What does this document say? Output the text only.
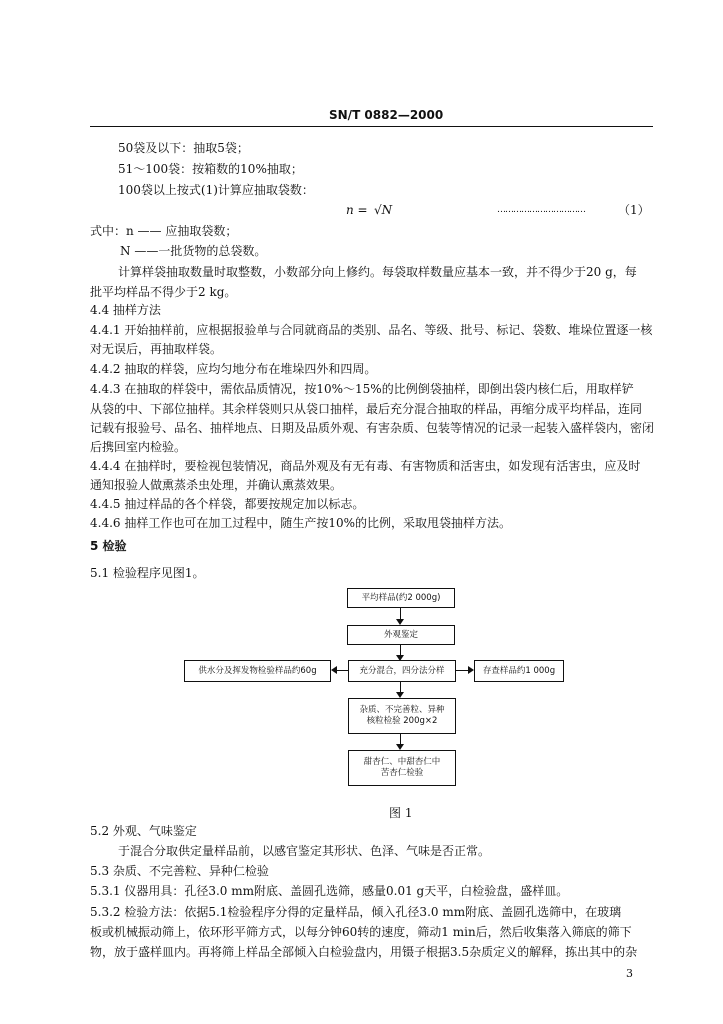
SN/T 0882—2000
50袋及以下：抽取5袋；
51～100袋：按箱数的10%抽取；
100袋以上按式(1)计算应抽取袋数：
n = √N	……………………………	（1）
式中： n —— 应抽取袋数；
N ——一批货物的总袋数。
计算样袋抽取数量时取整数，小数部分向上修约。每袋取样数量应基本一致，并不得少于20 g，每
批平均样品不得少于2 kg。
4.4 抽样方法
4.4.1 开始抽样前，应根据报验单与合同就商品的类别、品名、等级、批号、标记、袋数、堆垛位置逐一核
对无误后，再抽取样袋。
4.4.2 抽取的样袋，应均匀地分布在堆垛四外和四周。
4.4.3 在抽取的样袋中，需依品质情况，按10%～15%的比例倒袋抽样，即倒出袋内核仁后，用取样铲
从袋的中、下部位抽样。其余样袋则只从袋口抽样，最后充分混合抽取的样品，再缩分成平均样品，连同
记载有报验号、品名、抽样地点、日期及品质外观、有害杂质、包装等情况的记录一起装入盛样袋内，密闭
后携回室内检验。
4.4.4 在抽样时，要检视包装情况，商品外观及有无有毒、有害物质和活害虫，如发现有活害虫，应及时
通知报验人做熏蒸杀虫处理，并确认熏蒸效果。
4.4.5 抽过样品的各个样袋，都要按规定加以标志。
4.4.6 抽样工作也可在加工过程中，随生产按10%的比例，采取甩袋抽样方法。
5 检验
5.1 检验程序见图1。
平均样品(约2 000g)
外观鉴定
充分混合，四分法分样
供水分及挥发物检验样品约60g	存查样品约1 000g
杂质、不完善粒、异种
核粒检验 200g×2
甜杏仁、中甜杏仁中
苦杏仁检验
图 1
5.2 外观、气味鉴定
于混合分取供定量样品前，以感官鉴定其形状、色泽、气味是否正常。
5.3 杂质、不完善粒、异种仁检验
5.3.1 仪器用具：孔径3.0 mm附底、盖圆孔选筛，感量0.01 g天平，白检验盘，盛样皿。
5.3.2 检验方法：依据5.1检验程序分得的定量样品，倾入孔径3.0 mm附底、盖圆孔选筛中，在玻璃
板或机械振动筛上，依环形平筛方式，以每分钟60转的速度，筛动1 min后，然后收集落入筛底的筛下
物，放于盛样皿内。再将筛上样品全部倾入白检验盘内，用镊子根据3.5杂质定义的解释，拣出其中的杂
3
